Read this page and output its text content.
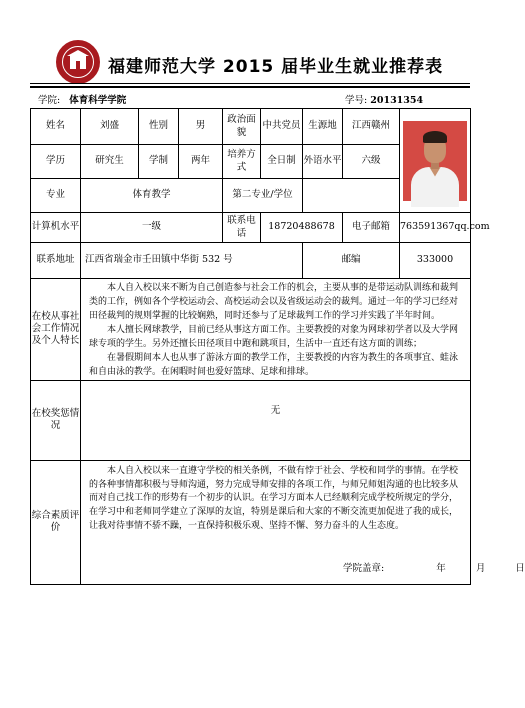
福建师范大学 2015 届毕业生就业推荐表
学院: 体育科学学院	学号: 20131354
姓名	刘盛	性别	男	政治面貌	中共党员	生源地	江西赣州	

学历	研究生	学制	两年	培养方式	全日制	外语水平	六级	
专业	体育教学			第二专业/学位				
计算机水平	一级			联系电话	18720488678		电子邮箱	763591367qq.com
联系地址	江西省瑞金市壬田镇中华街 532 号					邮编		333000
在校从事社会工作情况及个人特长	本人自入校以来不断为自己创造参与社会工作的机会，主要从事的是带运动队训练和裁判类的工作，例如各个学校运动会、高校运动会以及省级运动会的裁判。通过一年的学习已经对田径裁判的规则掌握的比较娴熟，同时还参与了足球裁判工作的学习并实践了半年时间。
本人擅长网球教学，目前已经从事这方面工作。主要教授的对象为网球初学者以及大学网球专项的学生。另外还擅长田径项目中跑和跳项目，生活中一直还有这方面的训练；
在暑假期间本人也从事了游泳方面的教学工作，主要教授的内容为教生的各项事宜、蛙泳和自由泳的教学。在闲暇时间也爱好篮球、足球和排球。							

在校奖惩情况	无							
综合素质评价	本人自入校以来一直遵守学校的相关条例，不做有悖于社会、学校和同学的事情。在学校的各种事情都积极与导师沟通，努力完成导师安排的各项工作，与师兄师姐沟通的也比较多从而对自己找工作的形势有一个初步的认识。在学习方面本人已经顺利完成学校所规定的学分，在学习中和老师同学建立了深厚的友谊，特别是课后和大家的不断交流更加促进了我的成长，让我对待事情不骄不躁，一直保持积极乐观、坚持不懈、努力奋斗的人生态度。
学院盖章: 年 月 日							
